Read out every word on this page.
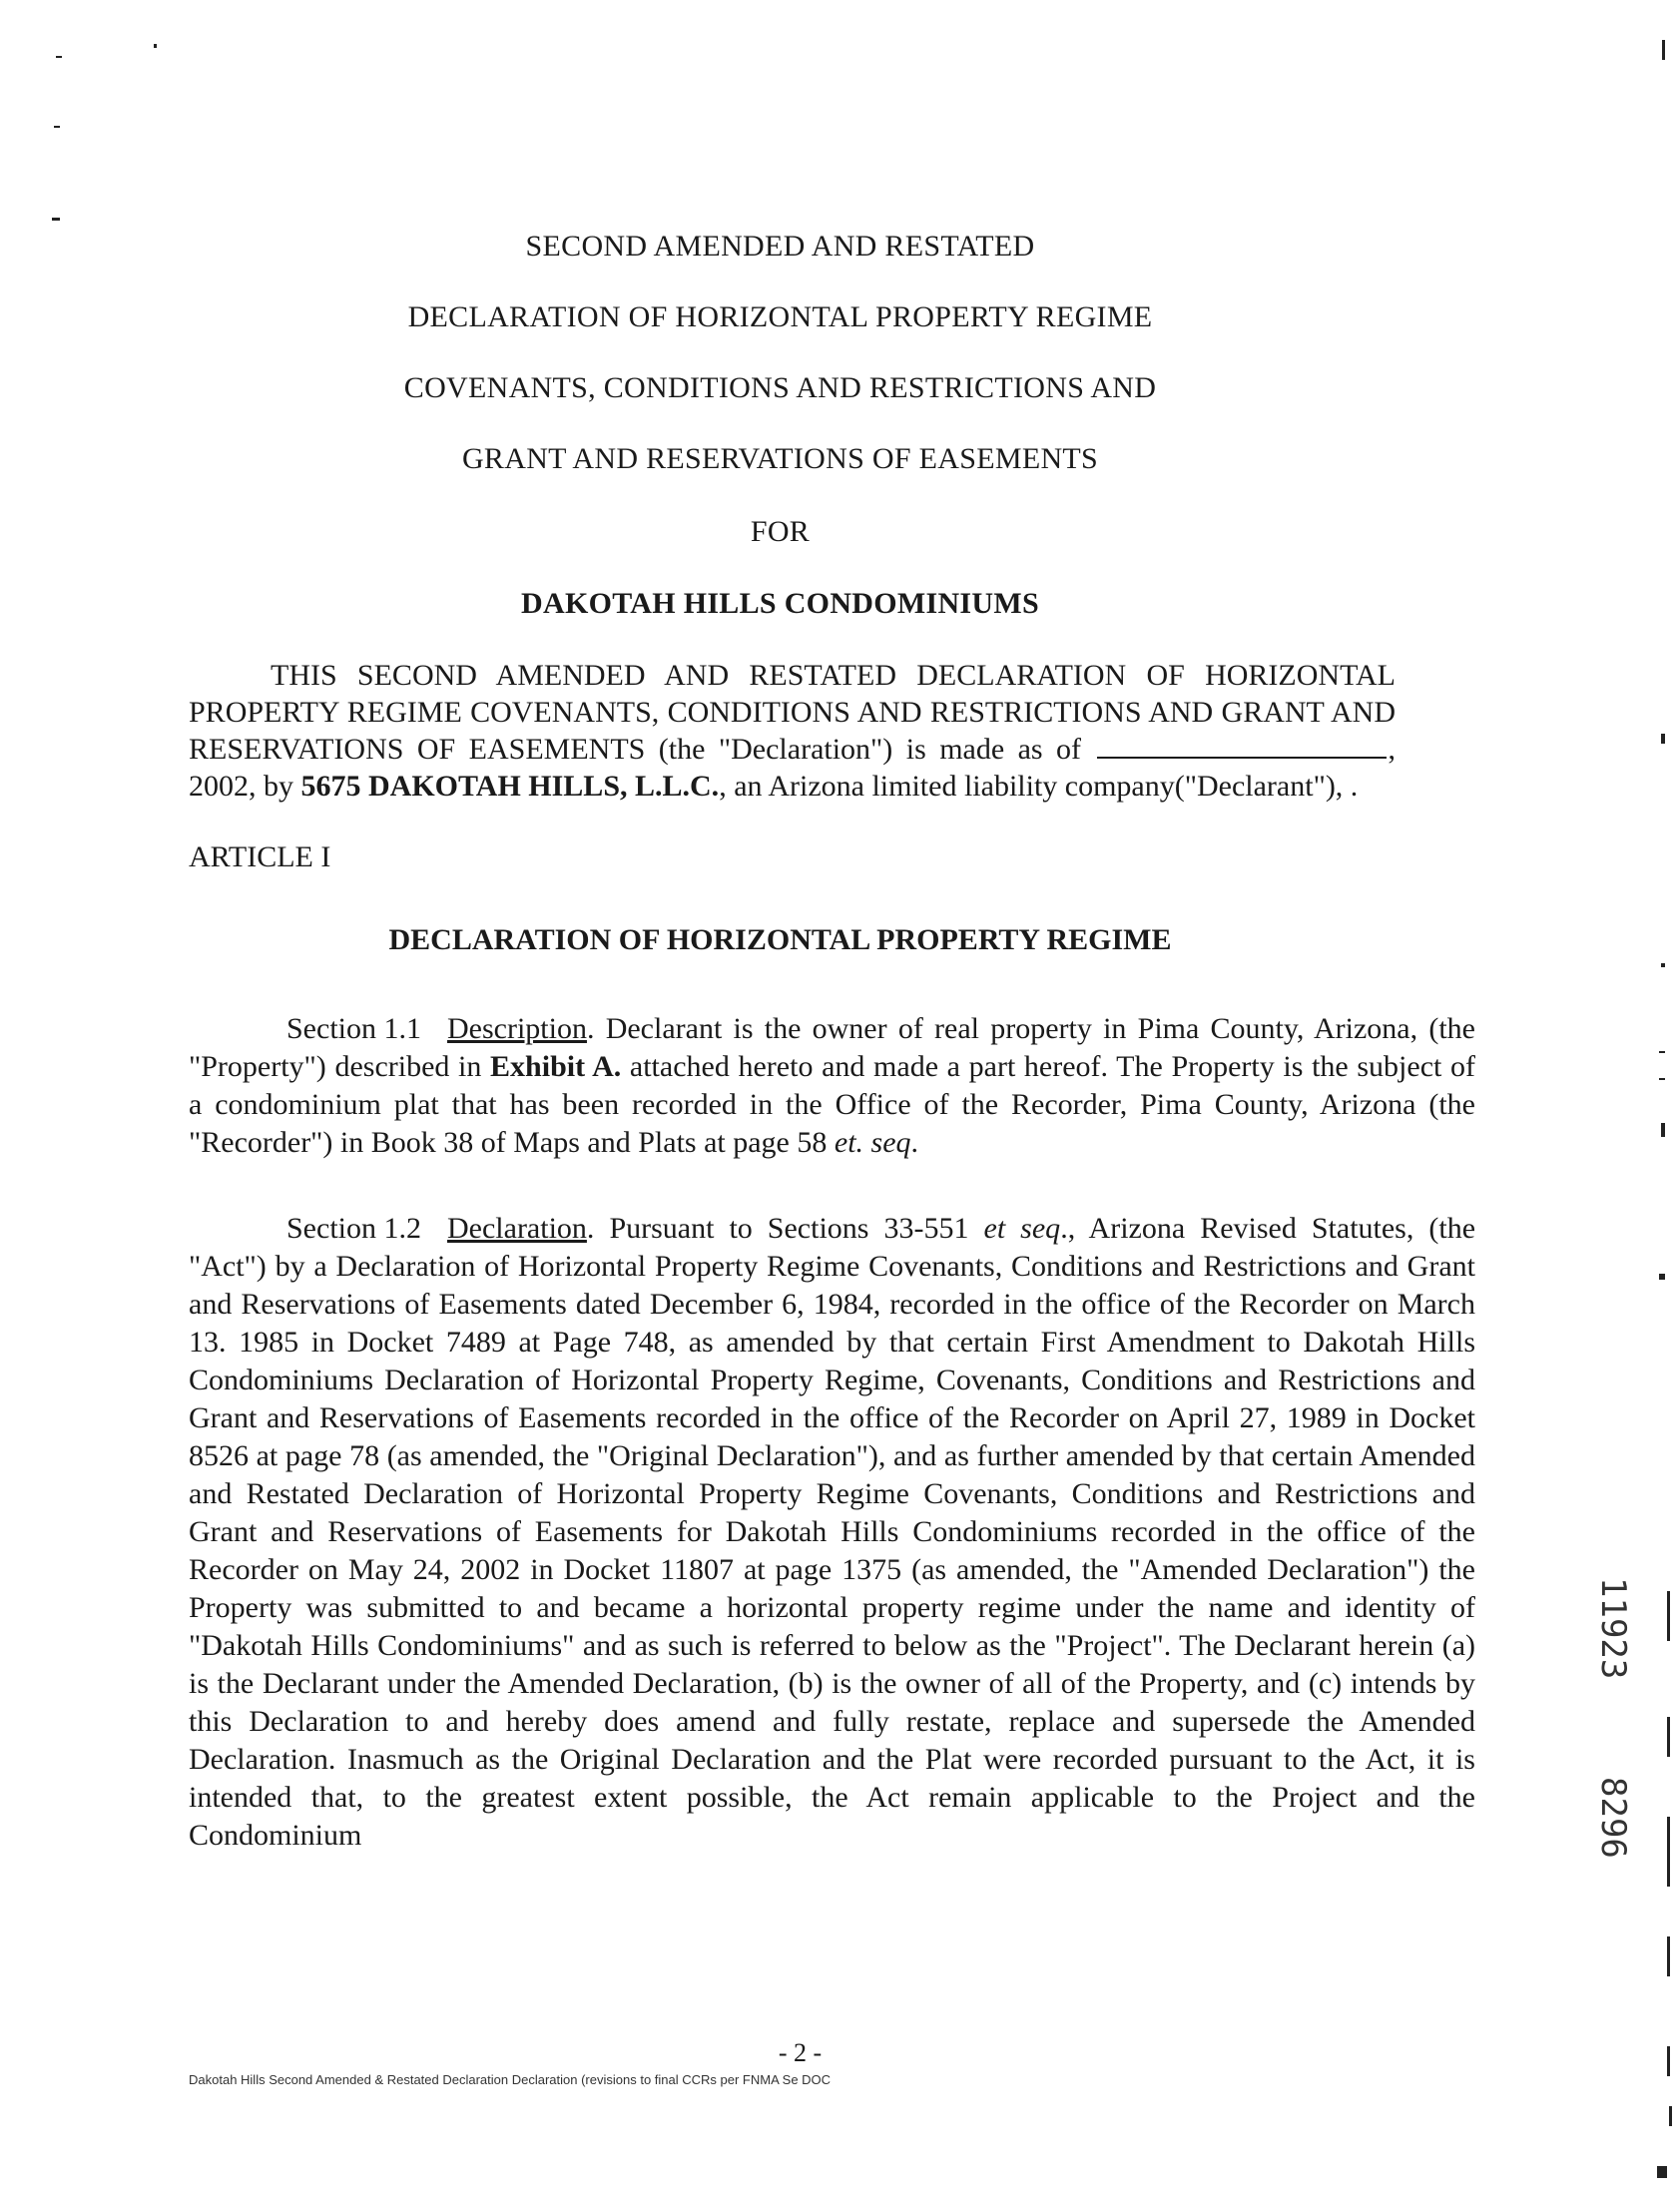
SECOND AMENDED AND RESTATED
DECLARATION OF HORIZONTAL PROPERTY REGIME
COVENANTS, CONDITIONS AND RESTRICTIONS AND
GRANT AND RESERVATIONS OF EASEMENTS
FOR
DAKOTAH HILLS CONDOMINIUMS
THIS SECOND AMENDED AND RESTATED DECLARATION OF HORIZONTAL PROPERTY REGIME COVENANTS, CONDITIONS AND RESTRICTIONS AND GRANT AND RESERVATIONS OF EASEMENTS (the "Declaration") is made as of	, 2002, by 5675 DAKOTAH HILLS, L.L.C., an Arizona limited liability company("Declarant"), .
ARTICLE I
DECLARATION OF HORIZONTAL PROPERTY REGIME
Section 1.1 Description. Declarant is the owner of real property in Pima County, Arizona, (the "Property") described in Exhibit A. attached hereto and made a part hereof. The Property is the subject of a condominium plat that has been recorded in the Office of the Recorder, Pima County, Arizona (the "Recorder") in Book 38 of Maps and Plats at page 58 et. seq.
Section 1.2 Declaration. Pursuant to Sections 33-551 et seq., Arizona Revised Statutes, (the "Act") by a Declaration of Horizontal Property Regime Covenants, Conditions and Restrictions and Grant and Reservations of Easements dated December 6, 1984, recorded in the office of the Recorder on March 13. 1985 in Docket 7489 at Page 748, as amended by that certain First Amendment to Dakotah Hills Condominiums Declaration of Horizontal Property Regime, Covenants, Conditions and Restrictions and Grant and Reservations of Easements recorded in the office of the Recorder on April 27, 1989 in Docket 8526 at page 78 (as amended, the "Original Declaration"), and as further amended by that certain Amended and Restated Declaration of Horizontal Property Regime Covenants, Conditions and Restrictions and Grant and Reservations of Easements for Dakotah Hills Condominiums recorded in the office of the Recorder on May 24, 2002 in Docket 11807 at page 1375 (as amended, the "Amended Declaration") the Property was submitted to and became a horizontal property regime under the name and identity of "Dakotah Hills Condominiums" and as such is referred to below as the "Project". The Declarant herein (a) is the Declarant under the Amended Declaration, (b) is the owner of all of the Property, and (c) intends by this Declaration to and hereby does amend and fully restate, replace and supersede the Amended Declaration. Inasmuch as the Original Declaration and the Plat were recorded pursuant to the Act, it is intended that, to the greatest extent possible, the Act remain applicable to the Project and the Condominium
- 2 -
Dakotah Hills Second Amended & Restated Declaration Declaration (revisions to final CCRs per FNMA Se DOC
11923
8296
